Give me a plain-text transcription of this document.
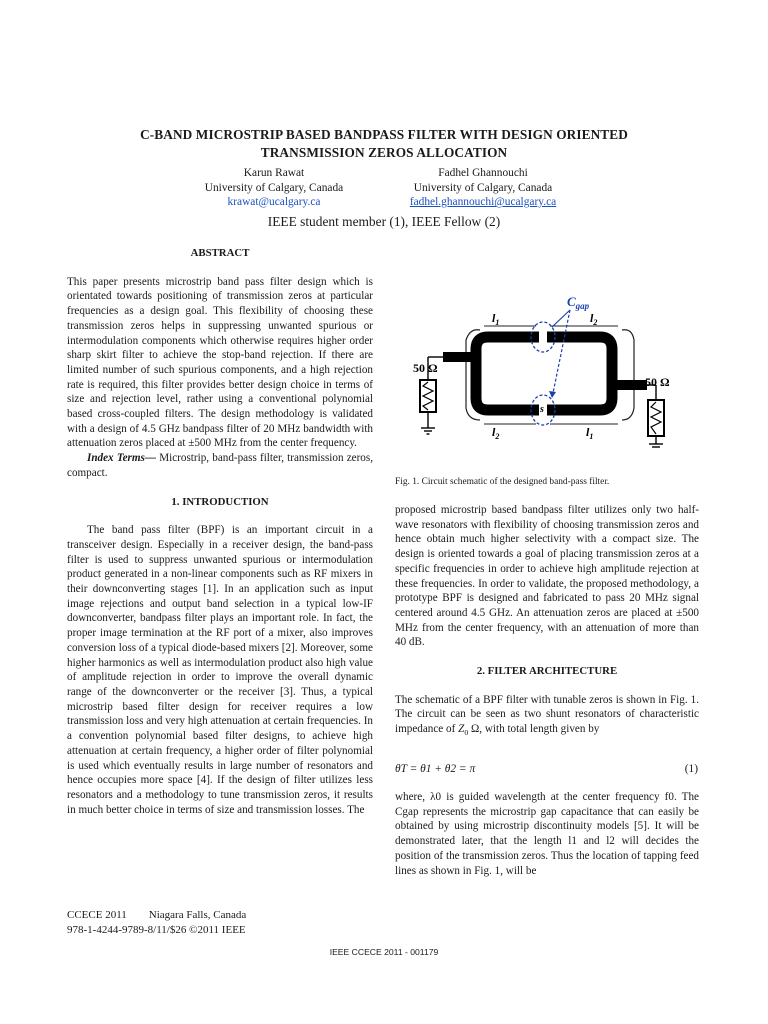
C-BAND MICROSTRIP BASED BANDPASS FILTER WITH DESIGN ORIENTED
TRANSMISSION ZEROS ALLOCATION
Karun Rawat
University of Calgary, Canada
krawat@ucalgary.ca
Fadhel Ghannouchi
University of Calgary, Canada
fadhel.ghannouchi@ucalgary.ca
IEEE student member (1), IEEE Fellow (2)
ABSTRACT

This paper presents microstrip band pass filter design which is orientated towards positioning of transmission zeros at particular frequencies as a design goal. This flexibility of choosing these transmission zeros helps in suppressing unwanted spurious or intermodulation components which otherwise requires higher order sharp skirt filter to achieve the stop-band rejection. If there are limited number of such spurious components, and a high rejection rate is required, this filter provides better design choice in terms of size and rejection level, rather using a conventional polynomial based cross-coupled filters. The design methodology is validated with a design of 4.5 GHz bandpass filter of 20 MHz bandwidth with attenuation zeros placed at ±500 MHz from the center frequency.

Index Terms— Microstrip, band-pass filter, transmission zeros, compact.

1. INTRODUCTION

The band pass filter (BPF) is an important circuit in a transceiver design. Especially in a receiver design, the band-pass filter is used to suppress unwanted spurious or intermodulation product generated in a non-linear components such as RF mixers in their downconverting stages [1]. In an application such as input image rejections and output band selection in a typical low-IF downconverter, bandpass filter plays an important role. In fact, the proper image termination at the RF port of a mixer, also improves conversion loss of a typical diode-based mixers [2]. Moreover, some higher harmonics as well as intermodulation product also high value of amplitude rejection in order to improve the overall dynamic range of the downconverter or the receiver [3]. Thus, a typical microstrip based filter design for receiver requires a low transmission loss and very high attenuation at certain frequencies. In a convention polynomial based filter designs, to achieve high attenuation at certain frequency, a higher order of filter polynomial is used which eventually results in large number of resonators and hence occupies more space [4]. If the design of filter utilizes less resonators and a methodology to tune transmission zeros, it results in much better choice in terms of size and transmission losses. The

$C_{gap}$
$l_1$	$l_2$
$l_2$	$l_1$
s
50 Ω
50 Ω
Fig. 1. Circuit schematic of the designed band-pass filter.

proposed microstrip based bandpass filter utilizes only two half-wave resonators with flexibility of choosing transmission zeros and hence obtain much higher selectivity with a compact size. The design is oriented towards a goal of placing transmission zeros at a specific frequencies in order to achieve high amplitude rejection at these frequencies. In order to validate, the proposed methodology, a prototype BPF is designed and fabricated to pass 20 MHz signal centered around 4.5 GHz. An attenuation zeros are placed at ±500 MHz from the center frequency, with an attenuation of more than 40 dB.

2. FILTER ARCHITECTURE

The schematic of a BPF filter with tunable zeros is shown in Fig. 1. The circuit can be seen as two shunt resonators of characteristic impedance of $Z_0$ Ω, with total length given by

θT = θ1 + θ2 = π	(1)

where, λ0 is guided wavelength at the center frequency f0. The Cgap represents the microstrip gap capacitance that can easily be obtained by using microstrip discontinuity models [5]. It will be demonstrated later, that the length l1 and l2 will decides the position of the transmission zeros. Thus the location of tapping feed lines as shown in Fig. 1, will be

CCECE 2011 Niagara Falls, Canada
978-1-4244-9789-8/11/$26 ©2011 IEEE
IEEE CCECE 2011 - 001179
